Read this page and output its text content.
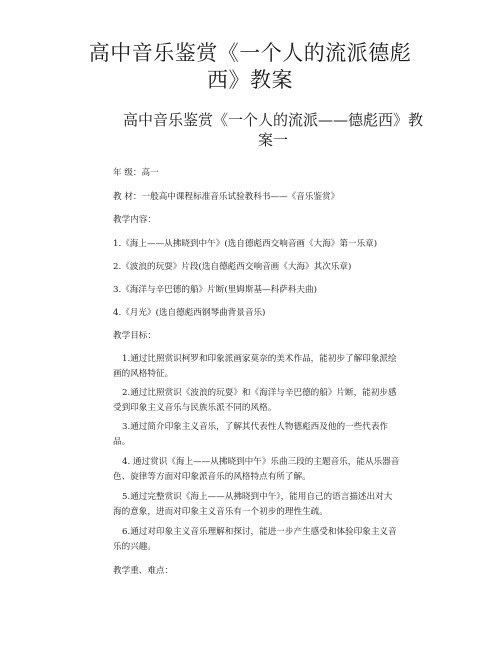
高中音乐鉴赏《一个人的流派德彪
西》教案
高中音乐鉴赏《一个人的流派——德彪西》教
案一
年 级：高一
教 材：一般高中课程标准音乐试验教科书——《音乐鉴赏》
教学内容：
1.《海上——从拂晓到中午》(选自德彪西交响音画《大海》第一乐章)
2.《波浪的玩耍》片段(选自德彪西交响音画《大海》其次乐章)
3.《海洋与辛巴德的船》片断(里姆斯基—科萨科夫曲)
4.《月光》(选自德彪西钢琴曲背景音乐)
教学目标：
1.通过比照赏识柯罗和印象派画家莫奈的美术作品，能初步了解印象派绘
画的风格特征。
2.通过比照赏识《波浪的玩耍》和《海洋与辛巴德的船》片断，能初步感
受到印象主义音乐与民族乐派不同的风格。
3.通过简介印象主义音乐，了解其代表性人物德彪西及他的一些代表作
品。
4. 通过赏识《海上——从拂晓到中午》乐曲三段的主题音乐，能从乐器音
色、旋律等方面对印象派音乐的风格特点有所了解。
5.通过完整赏识《海上——从拂晓到中午》，能用自己的语言描述出对大
海的意象，进而对印象主义音乐有一个初步的理性生疏。
6.通过对印象主义音乐理解和探讨，能进一步产生感受和体验印象主义音
乐的兴趣。
教学重、难点：
